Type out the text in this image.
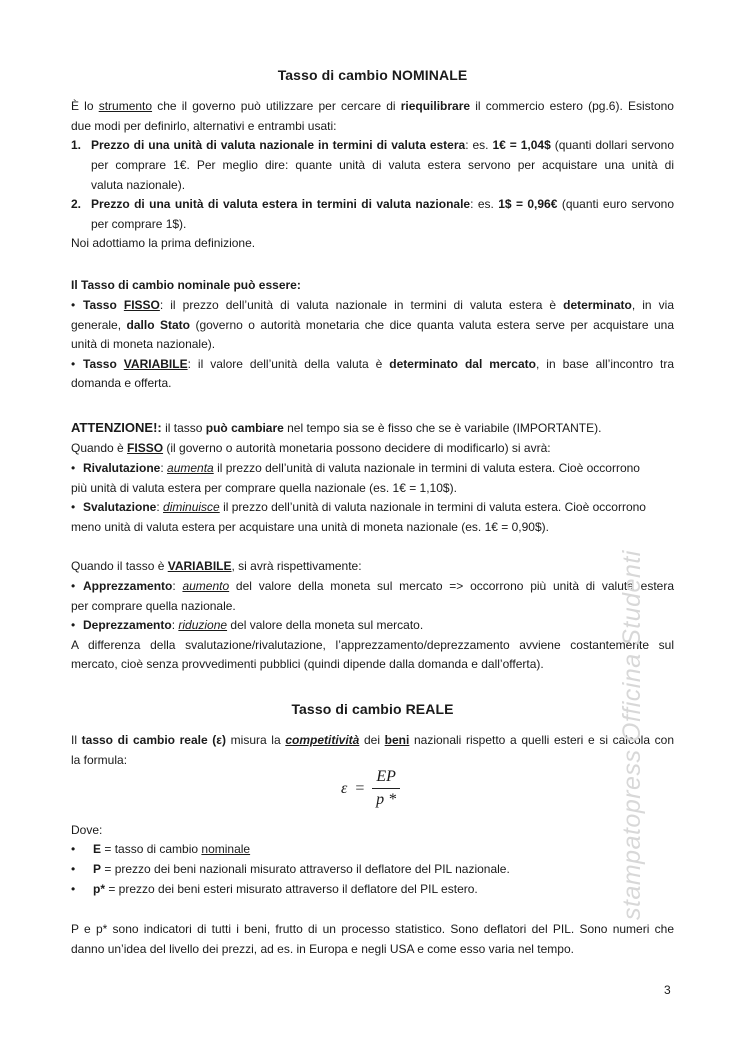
Tasso di cambio NOMINALE
È lo strumento che il governo può utilizzare per cercare di riequilibrare il commercio estero (pg.6). Esistono
due modi per definirlo, alternativi e entrambi usati:
1. Prezzo di una unità di valuta nazionale in termini di valuta estera: es. 1€ = 1,04$ (quanti dollari servono
per comprare 1€. Per meglio dire: quante unità di valuta estera servono per acquistare una unità di
valuta nazionale).
2. Prezzo di una unità di valuta estera in termini di valuta nazionale: es. 1$ = 0,96€ (quanti euro servono
per comprare 1$).
Noi adottiamo la prima definizione.
Il Tasso di cambio nominale può essere:
• Tasso FISSO: il prezzo dell’unità di valuta nazionale in termini di valuta estera è determinato, in via
generale, dallo Stato (governo o autorità monetaria che dice quanta valuta estera serve per acquistare una
unità di moneta nazionale).
• Tasso VARIABILE: il valore dell’unità della valuta è determinato dal mercato, in base all’incontro tra
domanda e offerta.
ATTENZIONE!: il tasso può cambiare nel tempo sia se è fisso che se è variabile (IMPORTANTE).
Quando è FISSO (il governo o autorità monetaria possono decidere di modificarlo) si avrà:
• Rivalutazione: aumenta il prezzo dell’unità di valuta nazionale in termini di valuta estera. Cioè occorrono
più unità di valuta estera per comprare quella nazionale (es. 1€ = 1,10$).
• Svalutazione: diminuisce il prezzo dell’unità di valuta nazionale in termini di valuta estera. Cioè occorrono
meno unità di valuta estera per acquistare una unità di moneta nazionale (es. 1€ = 0,90$).
Quando il tasso è VARIABILE, si avrà rispettivamente:
• Apprezzamento: aumento del valore della moneta sul mercato => occorrono più unità di valuta estera
per comprare quella nazionale.
• Deprezzamento: riduzione del valore della moneta sul mercato.
A differenza della svalutazione/rivalutazione, l’apprezzamento/deprezzamento avviene costantemente sul
mercato, cioè senza provvedimenti pubblici (quindi dipende dalla domanda e dall’offerta).
Tasso di cambio REALE
Il tasso di cambio reale (ε) misura la competitività dei beni nazionali rispetto a quelli esteri e si calcola con
la formula:
$\varepsilon = \frac{EP}{p *}$
Dove:
• E = tasso di cambio nominale
• P = prezzo dei beni nazionali misurato attraverso il deflatore del PIL nazionale.
• p* = prezzo dei beni esteri misurato attraverso il deflatore del PIL estero.
P e p* sono indicatori di tutti i beni, frutto di un processo statistico. Sono deflatori del PIL. Sono numeri che
danno un’idea del livello dei prezzi, ad es. in Europa e negli USA e come esso varia nel tempo.
stampatopress Officina Studenti
3
